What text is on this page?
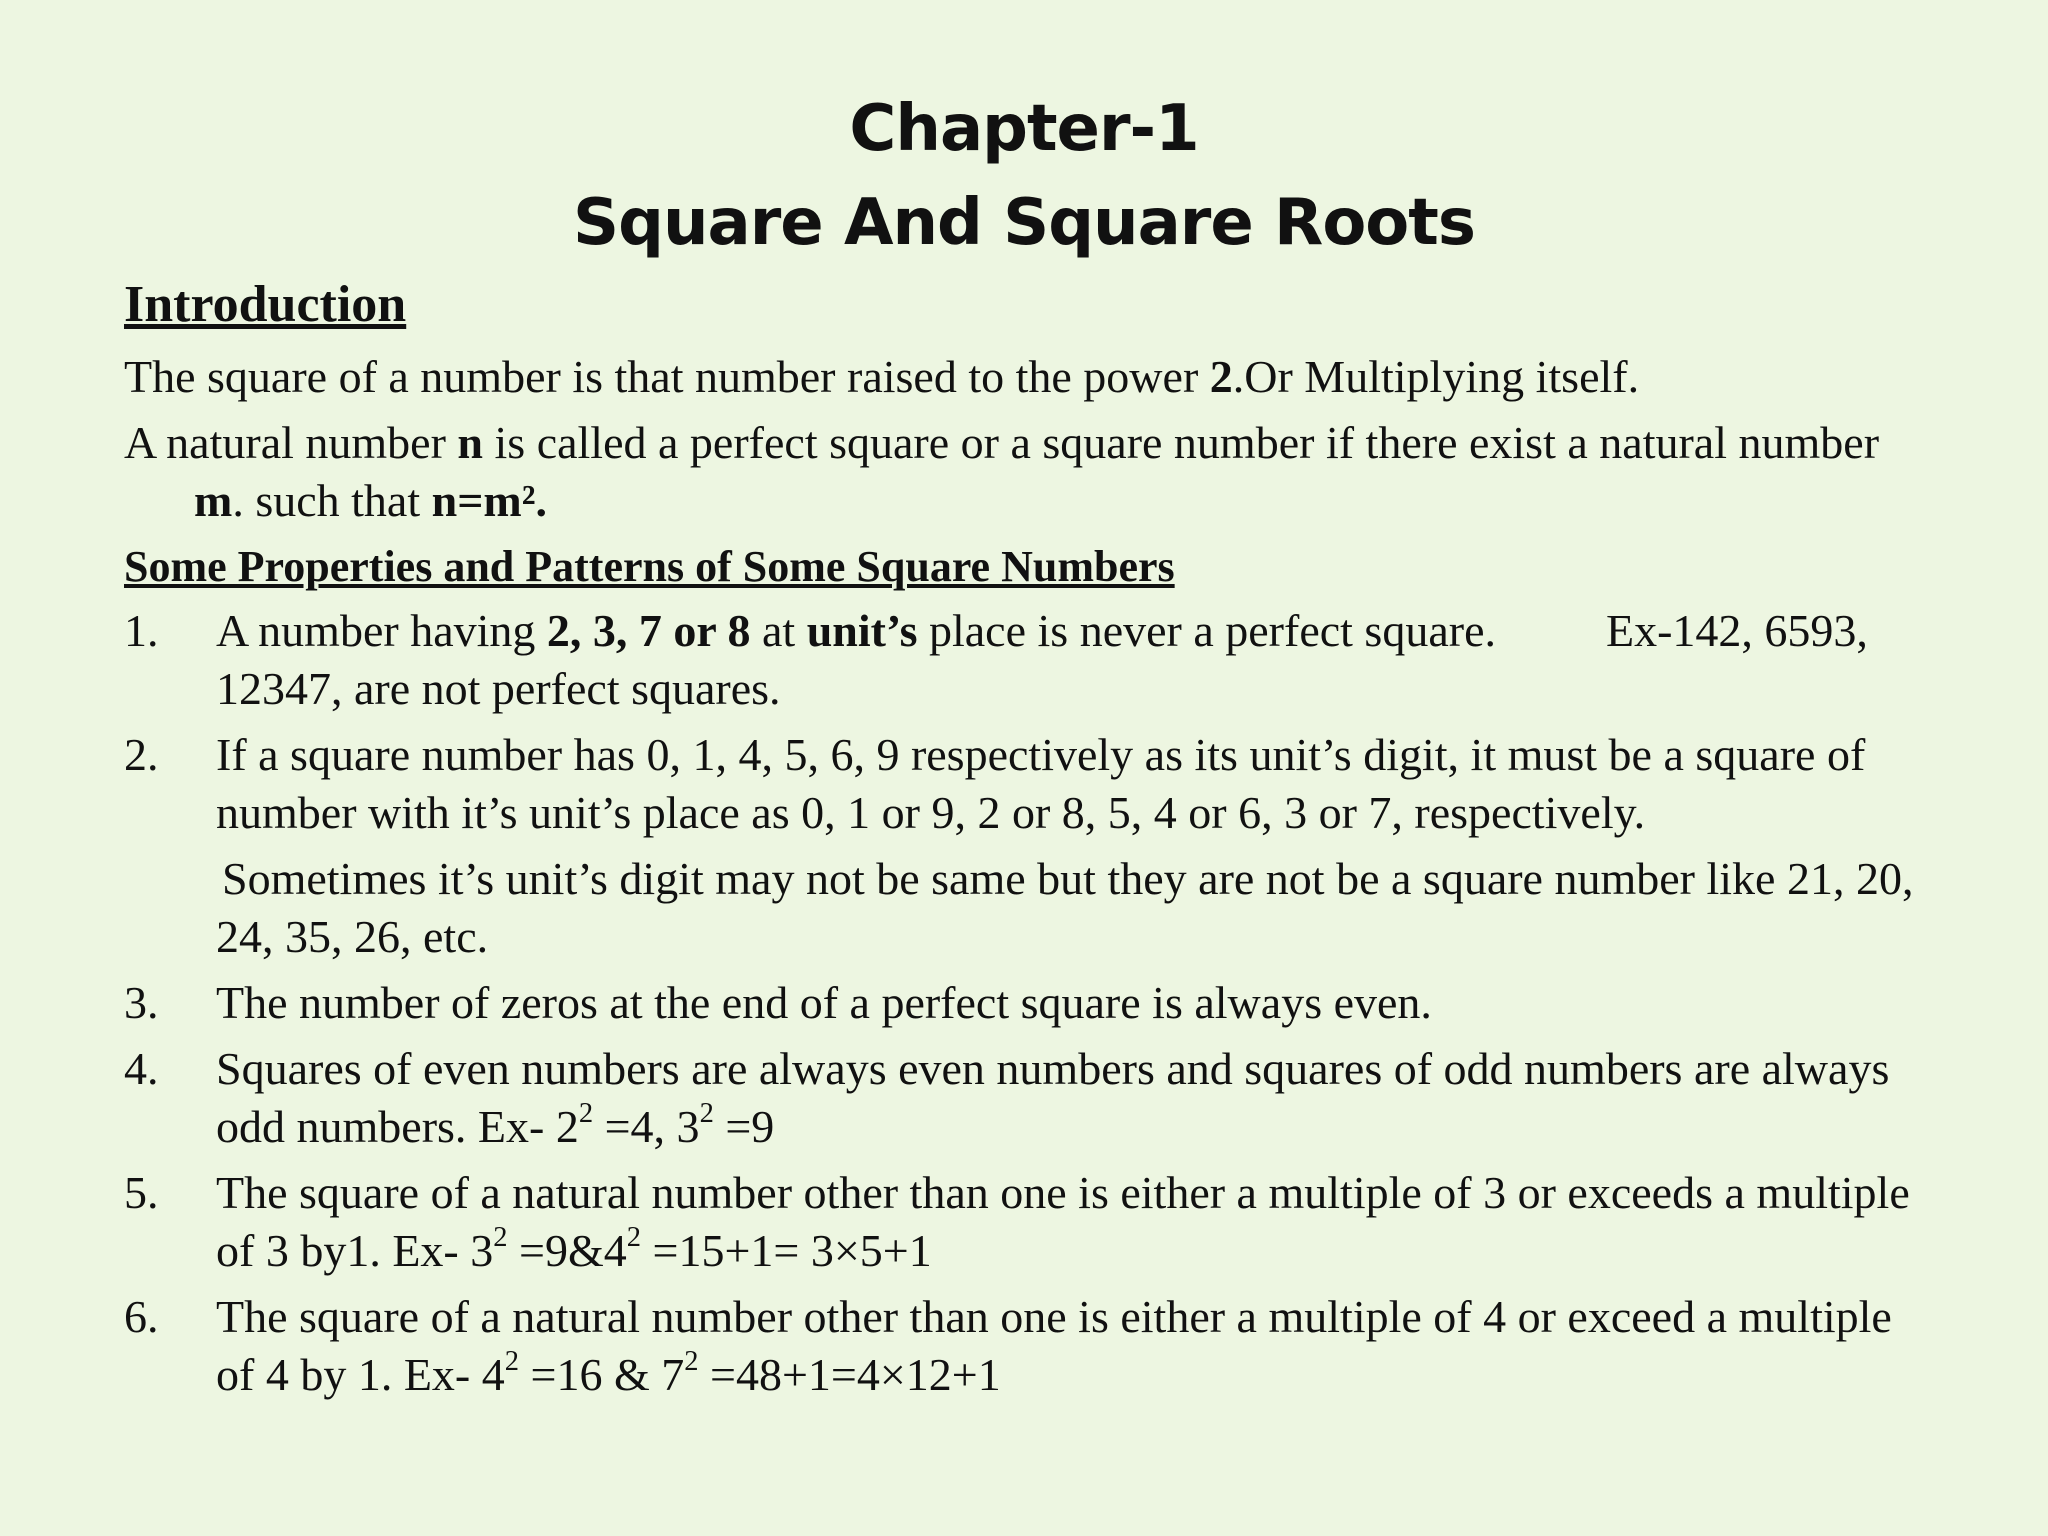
Chapter-1
Square And Square Roots
Introduction
The square of a number is that number raised to the power 2.Or Multiplying itself.
A natural number n is called a perfect square or a square number if there exist a natural number m. such that n=m².
Some Properties and Patterns of Some Square Numbers
1. A number having 2, 3, 7 or 8 at unit’s place is never a perfect square. Ex-142, 6593, 12347, are not perfect squares.
2. If a square number has 0, 1, 4, 5, 6, 9 respectively as its unit’s digit, it must be a square of number with it’s unit’s place as 0, 1 or 9, 2 or 8, 5, 4 or 6, 3 or 7, respectively.
Sometimes it’s unit’s digit may not be same but they are not be a square number like 21, 20, 24, 35, 26, etc.
3. The number of zeros at the end of a perfect square is always even.
4. Squares of even numbers are always even numbers and squares of odd numbers are always odd numbers. Ex- $2^2 =4$, $3^2 =9$
5. The square of a natural number other than one is either a multiple of 3 or exceeds a multiple of 3 by1. Ex- $3^2$ $=9\&4^2 =15+1= 3\times 5+1$
6. The square of a natural number other than one is either a multiple of 4 or exceed a multiple of 4 by 1. Ex- $4^2 =16$ & $7^2 =48+1=4\times 12+1$
